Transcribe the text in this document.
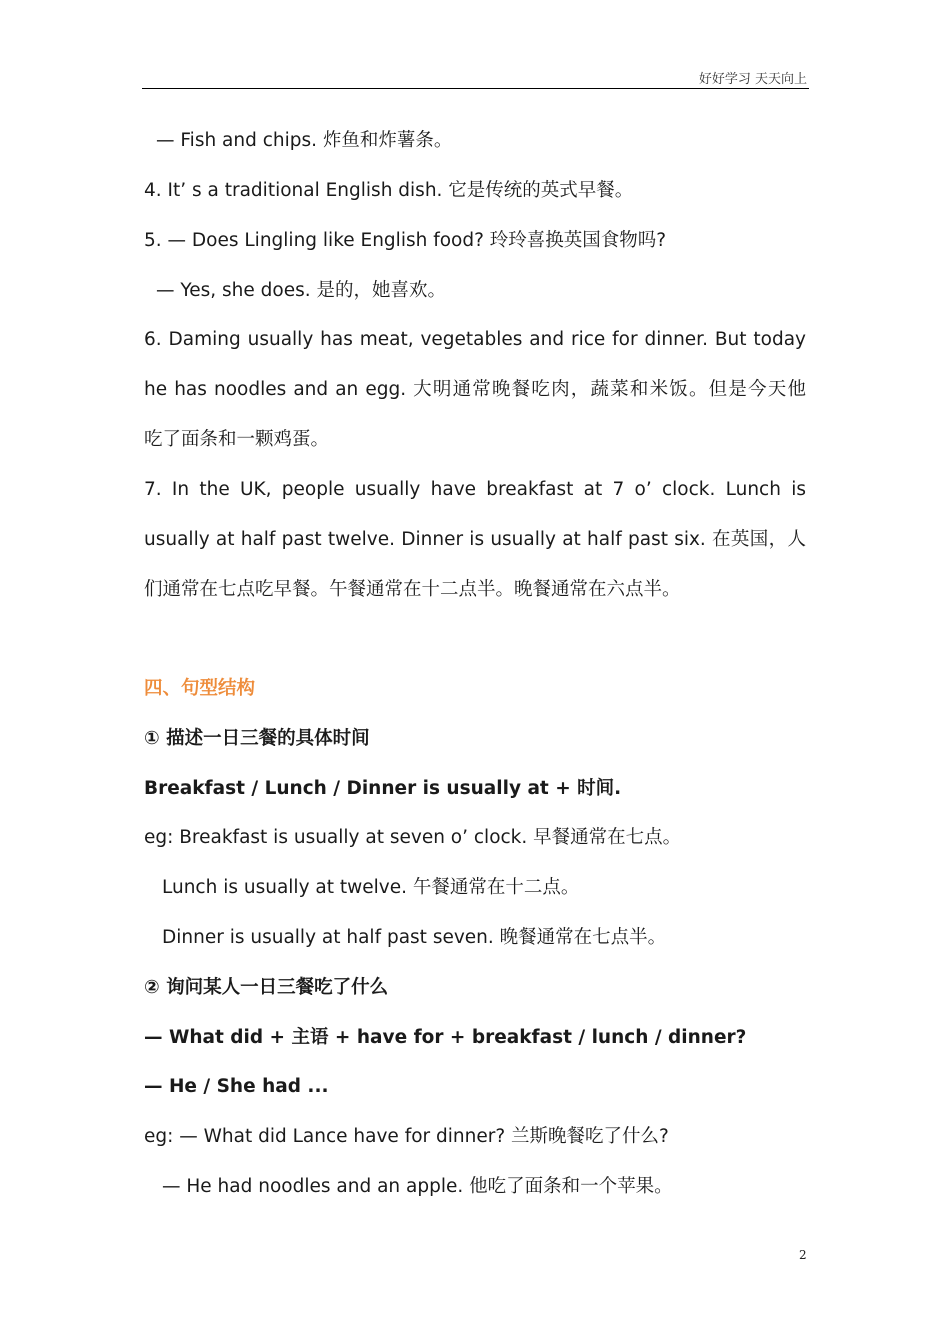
好好学习 天天向上

— Fish and chips. 炸鱼和炸薯条。

4. It’ s a traditional English dish. 它是传统的英式早餐。

5. — Does Lingling like English food? 玲玲喜换英国食物吗?

— Yes, she does. 是的，她喜欢。

6. Daming usually has meat, vegetables and rice for dinner. But today

he has noodles and an egg. 大明通常晚餐吃肉，蔬菜和米饭。但是今天他

吃了面条和一颗鸡蛋。

7. In the UK, people usually have breakfast at 7 o’ clock. Lunch is

usually at half past twelve. Dinner is usually at half past six. 在英国，人

们通常在七点吃早餐。午餐通常在十二点半。晚餐通常在六点半。

四、句型结构

① 描述一日三餐的具体时间

Breakfast / Lunch / Dinner is usually at + 时间.

eg: Breakfast is usually at seven o’ clock. 早餐通常在七点。

Lunch is usually at twelve. 午餐通常在十二点。

Dinner is usually at half past seven. 晚餐通常在七点半。

② 询问某人一日三餐吃了什么

— What did + 主语 + have for + breakfast / lunch / dinner?

— He / She had ...

eg: — What did Lance have for dinner? 兰斯晚餐吃了什么?

— He had noodles and an apple. 他吃了面条和一个苹果。

2
